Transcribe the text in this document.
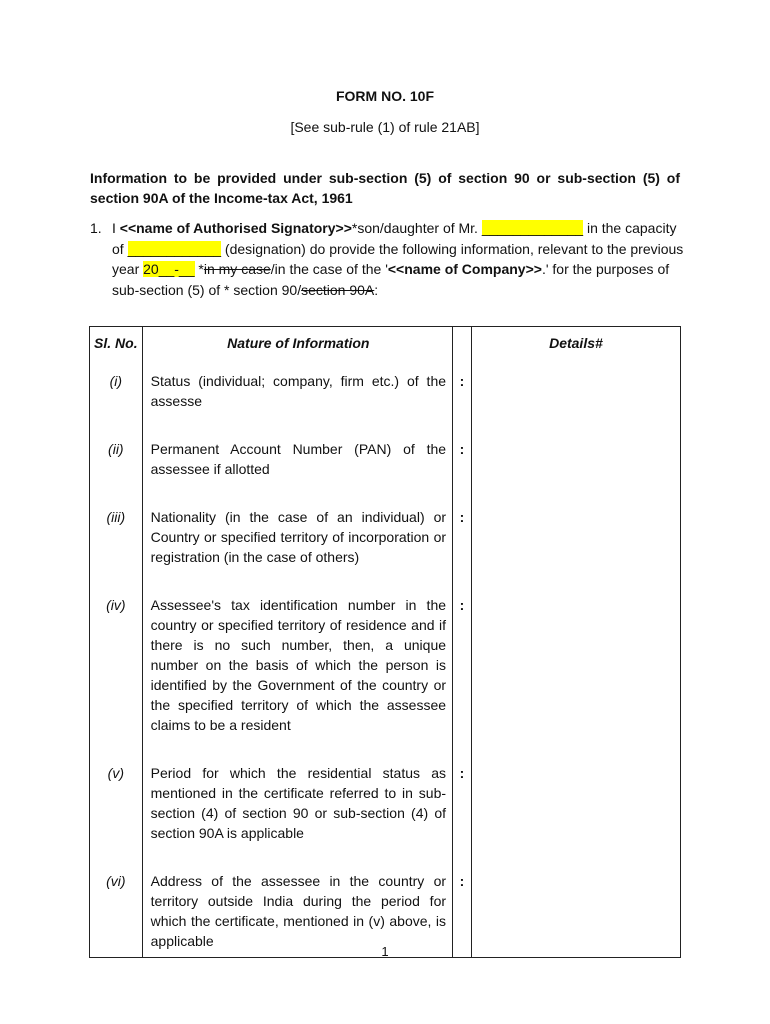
FORM NO. 10F
[See sub-rule (1) of rule 21AB]
Information to be provided under sub-section (5) of section 90 or sub-section (5) of section 90A of the Income-tax Act, 1961
1. I <<name of Authorised Signatory>>*son/daughter of Mr. _____________ in the capacity
of ____________ (designation) do provide the following information, relevant to the previous
year 20__-__ *in my case/in the case of the '<<name of Company>>.' for the purposes of
sub-section (5) of * section 90/section 90A:
Sl. No.	Nature of Information		Details#
(i)	Status (individual; company, firm etc.) of the assesse	:	
(ii)	Permanent Account Number (PAN) of the assessee if allotted	:	
(iii)	Nationality (in the case of an individual) or Country or specified territory of incorporation or registration (in the case of others)	:	
(iv)	Assessee's tax identification number in the country or specified territory of residence and if there is no such number, then, a unique number on the basis of which the person is identified by the Government of the country or the specified territory of which the assessee claims to be a resident	:	
(v)	Period for which the residential status as mentioned in the certificate referred to in sub-section (4) of section 90 or sub-section (4) of section 90A is applicable	:	
(vi)	Address of the assessee in the country or territory outside India during the period for which the certificate, mentioned in (v) above, is applicable	:	
1
